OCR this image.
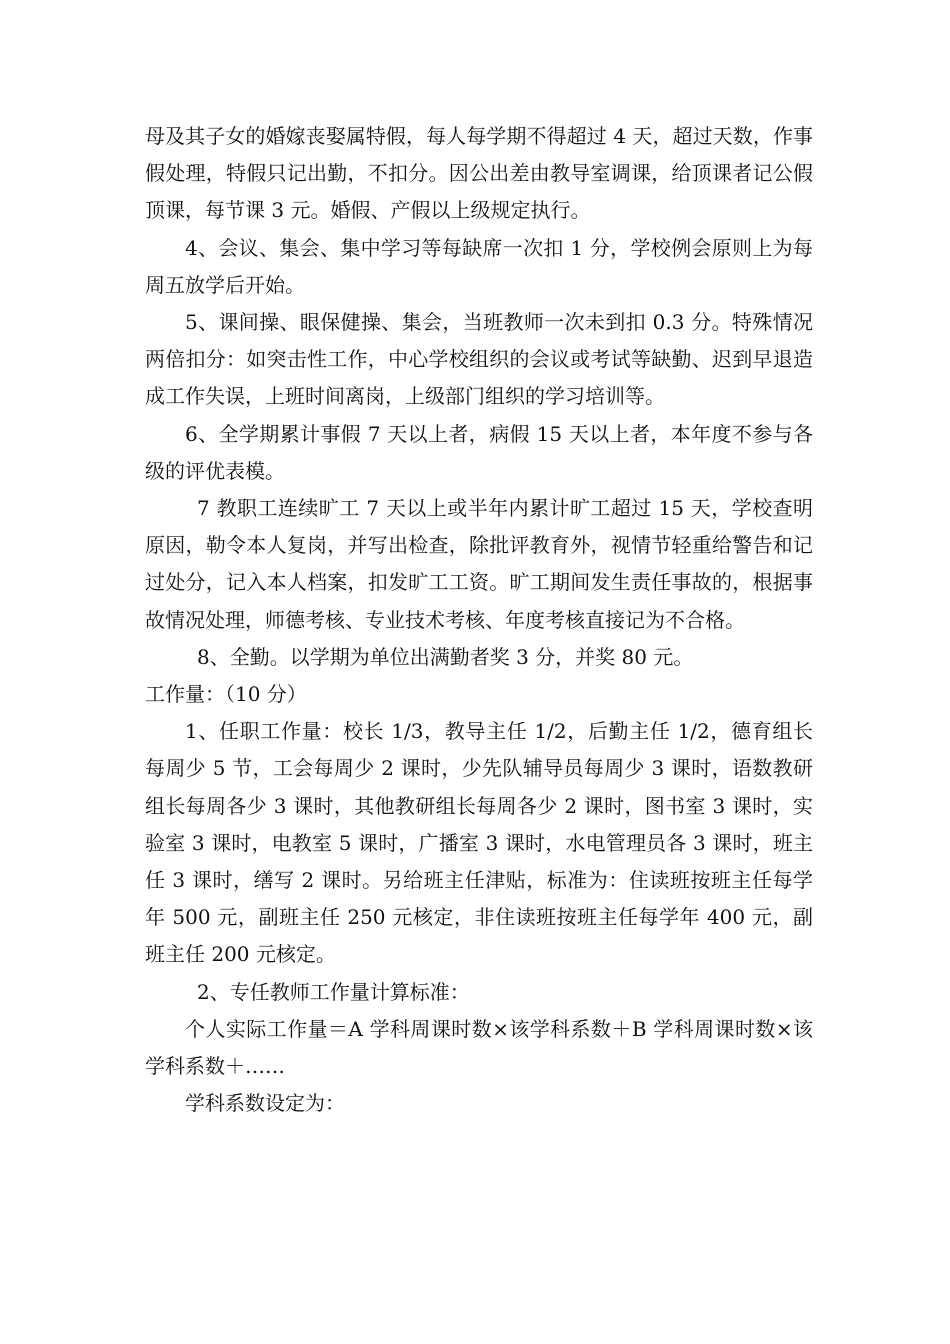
母及其子女的婚嫁丧娶属特假，每人每学期不得超过 4 天，超过天数，作事假处理，特假只记出勤，不扣分。因公出差由教导室调课，给顶课者记公假顶课，每节课 3 元。婚假、产假以上级规定执行。

4、会议、集会、集中学习等每缺席一次扣 1 分，学校例会原则上为每周五放学后开始。

5、课间操、眼保健操、集会，当班教师一次未到扣 0.3 分。特殊情况两倍扣分：如突击性工作，中心学校组织的会议或考试等缺勤、迟到早退造成工作失误，上班时间离岗，上级部门组织的学习培训等。

6、全学期累计事假 7 天以上者，病假 15 天以上者，本年度不参与各级的评优表模。

7 教职工连续旷工 7 天以上或半年内累计旷工超过 15 天，学校查明原因，勒令本人复岗，并写出检查，除批评教育外，视情节轻重给警告和记过处分，记入本人档案，扣发旷工工资。旷工期间发生责任事故的，根据事故情况处理，师德考核、专业技术考核、年度考核直接记为不合格。

8、全勤。以学期为单位出满勤者奖 3 分，并奖 80 元。

工作量：（10 分）

1、任职工作量：校长 1/3，教导主任 1/2，后勤主任 1/2，德育组长每周少 5 节，工会每周少 2 课时，少先队辅导员每周少 3 课时，语数教研组长每周各少 3 课时，其他教研组长每周各少 2 课时，图书室 3 课时，实验室 3 课时，电教室 5 课时，广播室 3 课时，水电管理员各 3 课时，班主任 3 课时，缮写 2 课时。另给班主任津贴，标准为：住读班按班主任每学年 500 元，副班主任 250 元核定，非住读班按班主任每学年 400 元，副班主任 200 元核定。

2、专任教师工作量计算标准：

个人实际工作量＝A 学科周课时数×该学科系数＋B 学科周课时数×该学科系数＋……

学科系数设定为：
